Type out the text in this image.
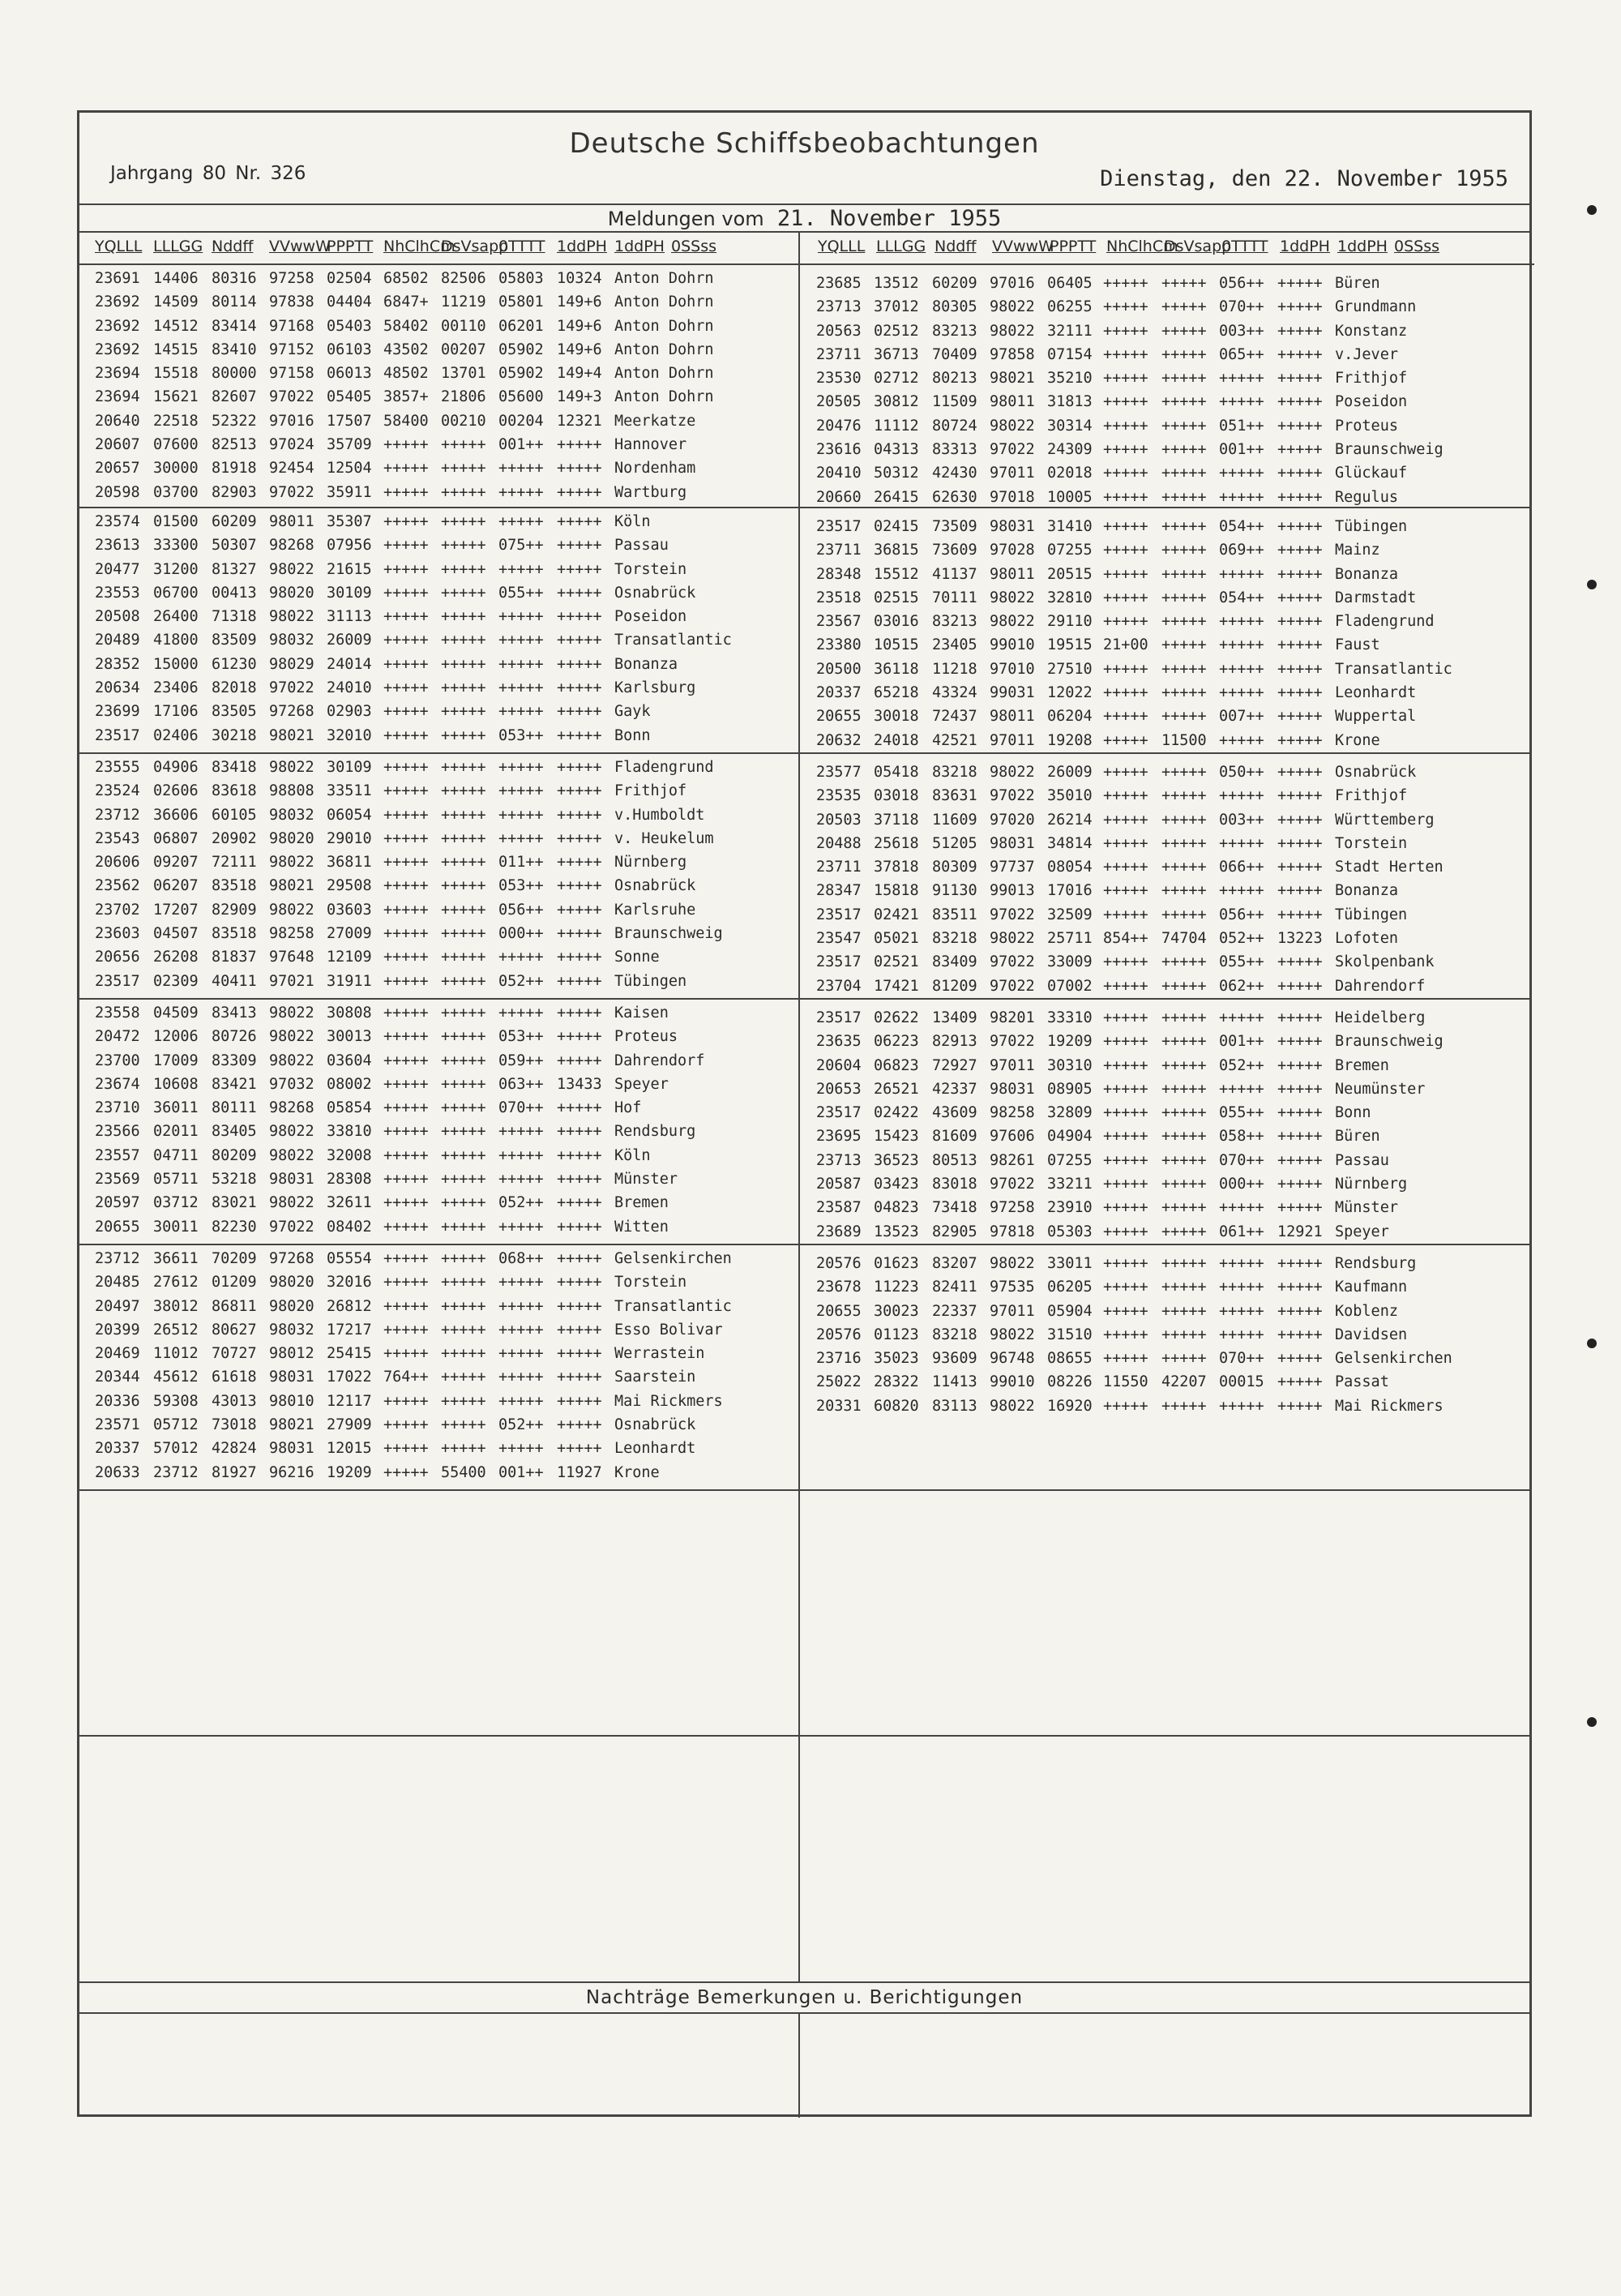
Deutsche Schiffsbeobachtungen
Jahrgang 80 Nr. 326	Dienstag, den 22. November 1955
Meldungen vom 21. November 1955
YQLLL LLLGG Nddff VVwwW
PPPTT NhClhCm
DsVsapp
0TTTT 1ddPH 1ddPH 0SSss	YQLLL LLLGG Nddff VVwwW
PPPTT NhClhCm
DsVsapp
0TTTT 1ddPH 1ddPH 0SSss
23691 14406 80316 97258 02504 68502 82506 05803 10324 Anton Dohrn
23692 14509 80114 97838 04404 6847+ 11219 05801 149+6 Anton Dohrn
23692 14512 83414 97168 05403 58402 00110 06201 149+6 Anton Dohrn
23692 14515 83410 97152 06103 43502 00207 05902 149+6 Anton Dohrn
23694 15518 80000 97158 06013 48502 13701 05902 149+4 Anton Dohrn
23694 15621 82607 97022 05405 3857+ 21806 05600 149+3 Anton Dohrn
20640 22518 52322 97016 17507 58400 00210 00204 12321 Meerkatze
20607 07600 82513 97024 35709 +++++ +++++ 001++ +++++ Hannover
20657 30000 81918 92454 12504 +++++ +++++ +++++ +++++ Nordenham
20598 03700 82903 97022 35911 +++++ +++++ +++++ +++++ Wartburg
23574 01500 60209 98011 35307 +++++ +++++ +++++ +++++ Köln
23613 33300 50307 98268 07956 +++++ +++++ 075++ +++++ Passau
20477 31200 81327 98022 21615 +++++ +++++ +++++ +++++ Torstein
23553 06700 00413 98020 30109 +++++ +++++ 055++ +++++ Osnabrück
20508 26400 71318 98022 31113 +++++ +++++ +++++ +++++ Poseidon
20489 41800 83509 98032 26009 +++++ +++++ +++++ +++++ Transatlantic
28352 15000 61230 98029 24014 +++++ +++++ +++++ +++++ Bonanza
20634 23406 82018 97022 24010 +++++ +++++ +++++ +++++ Karlsburg
23699 17106 83505 97268 02903 +++++ +++++ +++++ +++++ Gayk
23517 02406 30218 98021 32010 +++++ +++++ 053++ +++++ Bonn
23555 04906 83418 98022 30109 +++++ +++++ +++++ +++++ Fladengrund
23524 02606 83618 98808 33511 +++++ +++++ +++++ +++++ Frithjof
23712 36606 60105 98032 06054 +++++ +++++ +++++ +++++ v.Humboldt
23543 06807 20902 98020 29010 +++++ +++++ +++++ +++++ v. Heukelum
20606 09207 72111 98022 36811 +++++ +++++ 011++ +++++ Nürnberg
23562 06207 83518 98021 29508 +++++ +++++ 053++ +++++ Osnabrück
23702 17207 82909 98022 03603 +++++ +++++ 056++ +++++ Karlsruhe
23603 04507 83518 98258 27009 +++++ +++++ 000++ +++++ Braunschweig
20656 26208 81837 97648 12109 +++++ +++++ +++++ +++++ Sonne
23517 02309 40411 97021 31911 +++++ +++++ 052++ +++++ Tübingen
23558 04509 83413 98022 30808 +++++ +++++ +++++ +++++ Kaisen
20472 12006 80726 98022 30013 +++++ +++++ 053++ +++++ Proteus
23700 17009 83309 98022 03604 +++++ +++++ 059++ +++++ Dahrendorf
23674 10608 83421 97032 08002 +++++ +++++ 063++ 13433 Speyer
23710 36011 80111 98268 05854 +++++ +++++ 070++ +++++ Hof
23566 02011 83405 98022 33810 +++++ +++++ +++++ +++++ Rendsburg
23557 04711 80209 98022 32008 +++++ +++++ +++++ +++++ Köln
23569 05711 53218 98031 28308 +++++ +++++ +++++ +++++ Münster
20597 03712 83021 98022 32611 +++++ +++++ 052++ +++++ Bremen
20655 30011 82230 97022 08402 +++++ +++++ +++++ +++++ Witten
23712 36611 70209 97268 05554 +++++ +++++ 068++ +++++ Gelsenkirchen
20485 27612 01209 98020 32016 +++++ +++++ +++++ +++++ Torstein
20497 38012 86811 98020 26812 +++++ +++++ +++++ +++++ Transatlantic
20399 26512 80627 98032 17217 +++++ +++++ +++++ +++++ Esso Bolivar
20469 11012 70727 98012 25415 +++++ +++++ +++++ +++++ Werrastein
20344 45612 61618 98031 17022 764++ +++++ +++++ +++++ Saarstein
20336 59308 43013 98010 12117 +++++ +++++ +++++ +++++ Mai Rickmers
23571 05712 73018 98021 27909 +++++ +++++ 052++ +++++ Osnabrück
20337 57012 42824 98031 12015 +++++ +++++ +++++ +++++ Leonhardt
20633 23712 81927 96216 19209 +++++ 55400 001++ 11927 Krone
23685 13512 60209 97016 06405 +++++ +++++ 056++ +++++ Büren
23713 37012 80305 98022 06255 +++++ +++++ 070++ +++++ Grundmann
20563 02512 83213 98022 32111 +++++ +++++ 003++ +++++ Konstanz
23711 36713 70409 97858 07154 +++++ +++++ 065++ +++++ v.Jever
23530 02712 80213 98021 35210 +++++ +++++ +++++ +++++ Frithjof
20505 30812 11509 98011 31813 +++++ +++++ +++++ +++++ Poseidon
20476 11112 80724 98022 30314 +++++ +++++ 051++ +++++ Proteus
23616 04313 83313 97022 24309 +++++ +++++ 001++ +++++ Braunschweig
20410 50312 42430 97011 02018 +++++ +++++ +++++ +++++ Glückauf
20660 26415 62630 97018 10005 +++++ +++++ +++++ +++++ Regulus
23517 02415 73509 98031 31410 +++++ +++++ 054++ +++++ Tübingen
23711 36815 73609 97028 07255 +++++ +++++ 069++ +++++ Mainz
28348 15512 41137 98011 20515 +++++ +++++ +++++ +++++ Bonanza
23518 02515 70111 98022 32810 +++++ +++++ 054++ +++++ Darmstadt
23567 03016 83213 98022 29110 +++++ +++++ +++++ +++++ Fladengrund
23380 10515 23405 99010 19515 21+00 +++++ +++++ +++++ Faust
20500 36118 11218 97010 27510 +++++ +++++ +++++ +++++ Transatlantic
20337 65218 43324 99031 12022 +++++ +++++ +++++ +++++ Leonhardt
20655 30018 72437 98011 06204 +++++ +++++ 007++ +++++ Wuppertal
20632 24018 42521 97011 19208 +++++ 11500 +++++ +++++ Krone
23577 05418 83218 98022 26009 +++++ +++++ 050++ +++++ Osnabrück
23535 03018 83631 97022 35010 +++++ +++++ +++++ +++++ Frithjof
20503 37118 11609 97020 26214 +++++ +++++ 003++ +++++ Württemberg
20488 25618 51205 98031 34814 +++++ +++++ +++++ +++++ Torstein
23711 37818 80309 97737 08054 +++++ +++++ 066++ +++++ Stadt Herten
28347 15818 91130 99013 17016 +++++ +++++ +++++ +++++ Bonanza
23517 02421 83511 97022 32509 +++++ +++++ 056++ +++++ Tübingen
23547 05021 83218 98022 25711 854++ 74704 052++ 13223 Lofoten
23517 02521 83409 97022 33009 +++++ +++++ 055++ +++++ Skolpenbank
23704 17421 81209 97022 07002 +++++ +++++ 062++ +++++ Dahrendorf
23517 02622 13409 98201 33310 +++++ +++++ +++++ +++++ Heidelberg
23635 06223 82913 97022 19209 +++++ +++++ 001++ +++++ Braunschweig
20604 06823 72927 97011 30310 +++++ +++++ 052++ +++++ Bremen
20653 26521 42337 98031 08905 +++++ +++++ +++++ +++++ Neumünster
23517 02422 43609 98258 32809 +++++ +++++ 055++ +++++ Bonn
23695 15423 81609 97606 04904 +++++ +++++ 058++ +++++ Büren
23713 36523 80513 98261 07255 +++++ +++++ 070++ +++++ Passau
20587 03423 83018 97022 33211 +++++ +++++ 000++ +++++ Nürnberg
23587 04823 73418 97258 23910 +++++ +++++ +++++ +++++ Münster
23689 13523 82905 97818 05303 +++++ +++++ 061++ 12921 Speyer
20576 01623 83207 98022 33011 +++++ +++++ +++++ +++++ Rendsburg
23678 11223 82411 97535 06205 +++++ +++++ +++++ +++++ Kaufmann
20655 30023 22337 97011 05904 +++++ +++++ +++++ +++++ Koblenz
20576 01123 83218 98022 31510 +++++ +++++ +++++ +++++ Davidsen
23716 35023 93609 96748 08655 +++++ +++++ 070++ +++++ Gelsenkirchen
25022 28322 11413 99010 08226 11550 42207 00015 +++++ Passat
20331 60820 83113 98022 16920 +++++ +++++ +++++ +++++ Mai Rickmers
Nachträge Bemerkungen u. Berichtigungen
